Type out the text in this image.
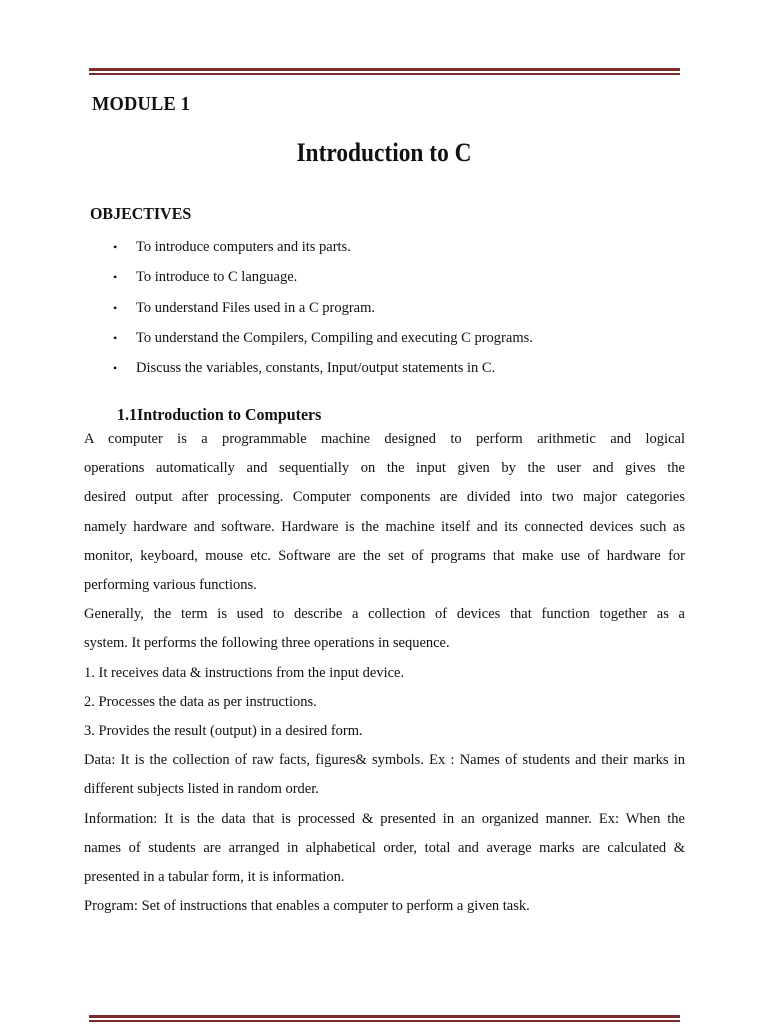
MODULE 1
Introduction to C
OBJECTIVES
• To introduce computers and its parts.
• To introduce to C language.
• To understand Files used in a C program.
• To understand the Compilers, Compiling and executing C programs.
• Discuss the variables, constants, Input/output statements in C.
1.1Introduction to Computers

A computer is a programmable machine designed to perform arithmetic and logical
operations automatically and sequentially on the input given by the user and gives the
desired output after processing. Computer components are divided into two major categories
namely hardware and software. Hardware is the machine itself and its connected devices such as
monitor, keyboard, mouse etc. Software are the set of programs that make use of hardware for
performing various functions.

Generally, the term is used to describe a collection of devices that function together as a
system. It performs the following three operations in sequence.

1. It receives data & instructions from the input device.

2. Processes the data as per instructions.

3. Provides the result (output) in a desired form.

Data: It is the collection of raw facts, figures& symbols. Ex : Names of students and their marks in
different subjects listed in random order.

Information: It is the data that is processed & presented in an organized manner. Ex: When the
names of students are arranged in alphabetical order, total and average marks are calculated &
presented in a tabular form, it is information.

Program: Set of instructions that enables a computer to perform a given task.
